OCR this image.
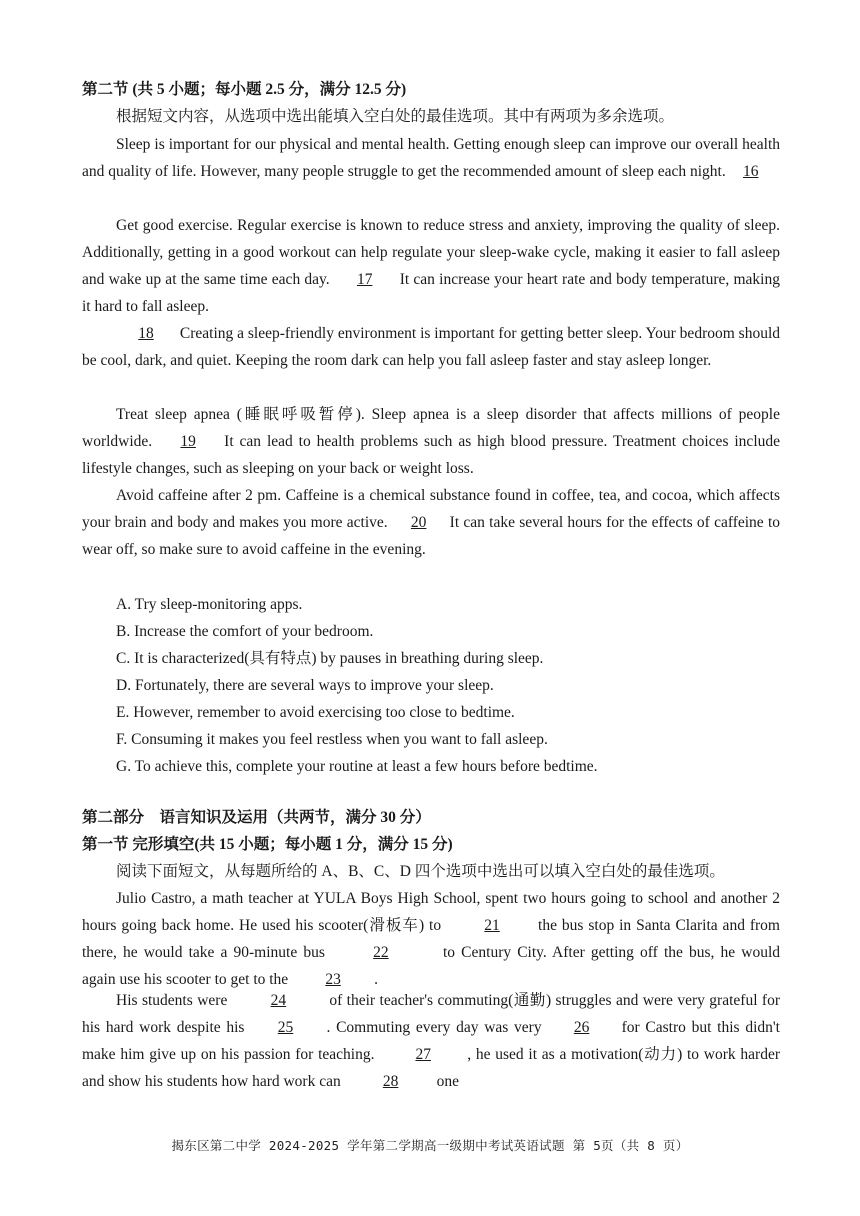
第二节 (共 5 小题；每小题 2.5 分，满分 12.5 分)
根据短文内容，从选项中选出能填入空白处的最佳选项。其中有两项为多余选项。
Sleep is important for our physical and mental health. Getting enough sleep can improve our overall health and quality of life. However, many people struggle to get the recommended amount of sleep each night. 16
Get good exercise. Regular exercise is known to reduce stress and anxiety, improving the quality of sleep. Additionally, getting in a good workout can help regulate your sleep-wake cycle, making it easier to fall asleep and wake up at the same time each day. 17 It can increase your heart rate and body temperature, making it hard to fall asleep.
18 Creating a sleep-friendly environment is important for getting better sleep. Your bedroom should be cool, dark, and quiet. Keeping the room dark can help you fall asleep faster and stay asleep longer.
Treat sleep apnea (睡眠呼吸暂停). Sleep apnea is a sleep disorder that affects millions of people worldwide. 19 It can lead to health problems such as high blood pressure. Treatment choices include lifestyle changes, such as sleeping on your back or weight loss.
Avoid caffeine after 2 pm. Caffeine is a chemical substance found in coffee, tea, and cocoa, which affects your brain and body and makes you more active. 20 It can take several hours for the effects of caffeine to wear off, so make sure to avoid caffeine in the evening.
A. Try sleep-monitoring apps.
B. Increase the comfort of your bedroom.
C. It is characterized(具有特点) by pauses in breathing during sleep.
D. Fortunately, there are several ways to improve your sleep.
E. However, remember to avoid exercising too close to bedtime.
F. Consuming it makes you feel restless when you want to fall asleep.
G. To achieve this, complete your routine at least a few hours before bedtime.
第二部分　语言知识及运用（共两节，满分 30 分）
第一节 完形填空(共 15 小题；每小题 1 分，满分 15 分)
阅读下面短文，从每题所给的 A、B、C、D 四个选项中选出可以填入空白处的最佳选项。
Julio Castro, a math teacher at YULA Boys High School, spent two hours going to school and another 2 hours going back home. He used his scooter(滑板车) to	21 the bus stop in Santa Clarita and from there, he would take a 90-minute bus	22	to Century City. After getting off the bus, he would again use his scooter to get to the 23 .
His students were	24	of their teacher's commuting(通勤) struggles and were very grateful for his hard work despite his 25 . Commuting every day was very 26 for Castro but this didn't make him give up on his passion for teaching.	27 , he used it as a motivation(动力) to work harder and show his students how hard work can	28 one
揭东区第二中学 2024-2025 学年第二学期高一级期中考试英语试题 第 5页（共 8 页）
